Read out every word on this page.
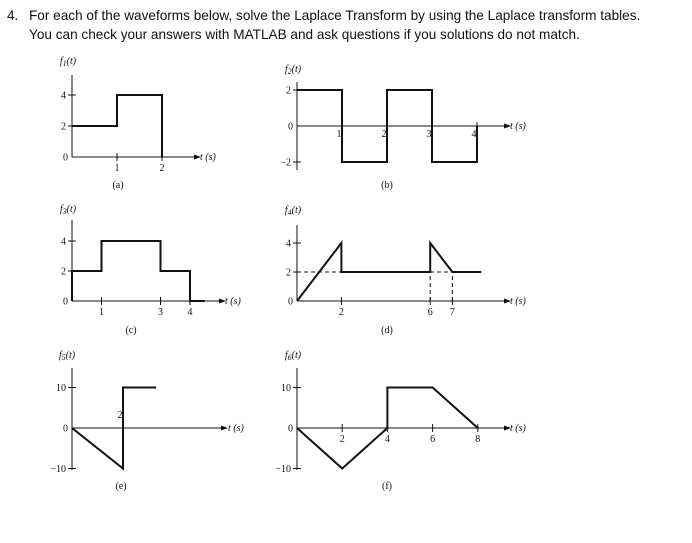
4. For each of the waveforms below, solve the Laplace Transform by using the Laplace transform tables.
You can check your answers with MATLAB and ask questions if you solutions do not match.
0
2
4
1	2
$f_1(t)$
t (s)
(a)
−2
0
2
1	2	3	4
$f_2(t)$
t (s)
(b)
0
2
4
1	3 4
$f_3(t)$
t (s)
(c)
0
2
4
2	6 7
$f_4(t)$
t (s)
(d)
−10
0
10
2
$f_5(t)$
t (s)
(e)
−10
0
10
2	4	6	8
$f_6(t)$
t (s)
(f)
